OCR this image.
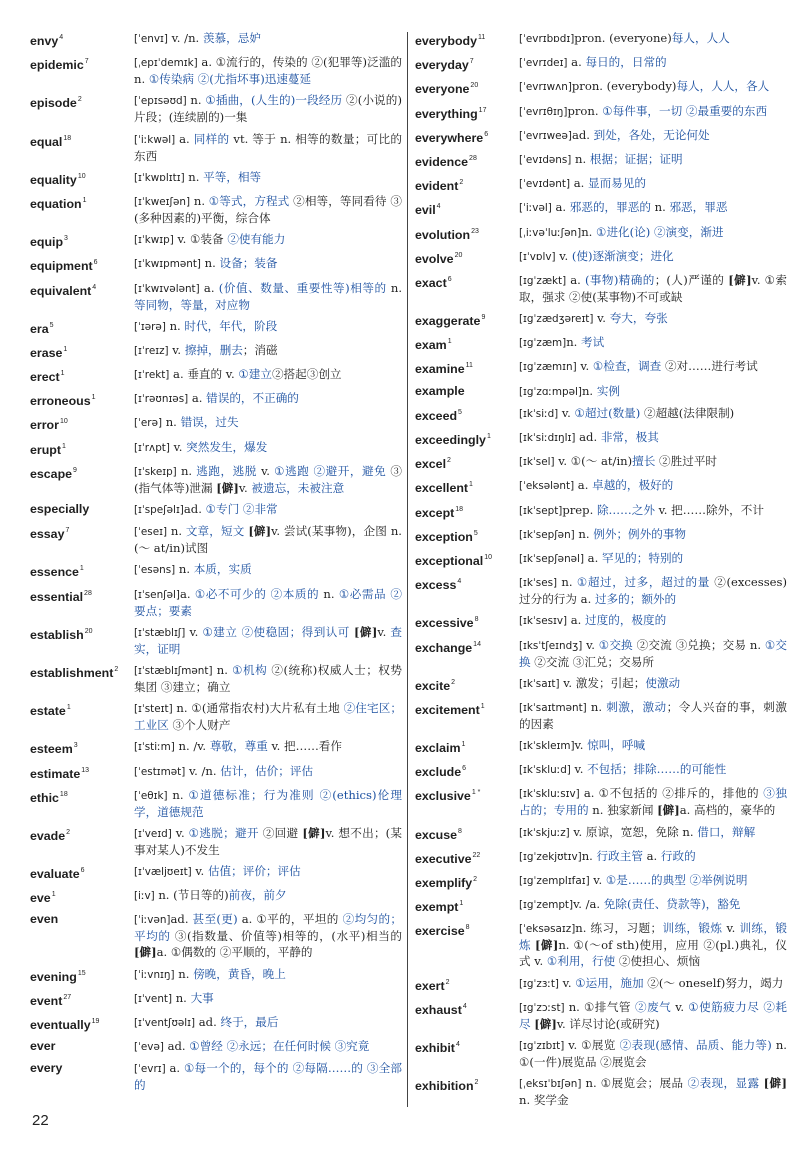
envy$^4$	[ˈenvɪ] v. /n. 羡慕，忌妒
epidemic$^7$	[ˌepɪˈdemɪk] a. ①流行的，传染的 ②(犯罪等)泛滥的 n. ①传染病 ②(尤指坏事)迅速蔓延
episode$^2$	[ˈepɪsəʊd] n. ①插曲，(人生的)一段经历 ②(小说的)片段；(连续剧的)一集
equal$^{18}$	[ˈiːkwəl] a. 同样的 vt. 等于 n. 相等的数量；可比的东西
equality$^{10}$	[ɪˈkwɒlɪtɪ] n. 平等，相等
equation$^1$	[ɪˈkweɪʃən] n. ①等式，方程式 ②相等，等同看待 ③(多种因素的)平衡，综合体
equip$^3$	[ɪˈkwɪp] v. ①装备 ②使有能力
equipment$^6$	[ɪˈkwɪpmənt] n. 设备；装备
equivalent$^4$	[ɪˈkwɪvələnt] a. (价值、数量、重要性等)相等的 n. 等同物，等量，对应物
era$^5$	[ˈɪərə] n. 时代，年代，阶段
erase$^1$	[ɪˈreɪz] v. 擦掉，删去；消磁
erect$^1$	[ɪˈrekt] a. 垂直的 v. ①建立②搭起③创立
erroneous$^1$	[ɪˈrəʊnɪəs] a. 错误的，不正确的
error$^{10}$	[ˈerə] n. 错误，过失
erupt$^1$	[ɪˈrʌpt] v. 突然发生，爆发
escape$^9$	[ɪˈskeɪp] n. 逃跑，逃脱 v. ①逃跑 ②避开，避免 ③(指气体等)泄漏 [僻]v. 被遗忘，未被注意
especially	[ɪˈspeʃəlɪ]ad. ①专门 ②非常
essay$^7$	[ˈeseɪ] n. 文章，短文 [僻]v. 尝试(某事物)，企图 n. (～ at/in)试图
essence$^1$	[ˈesəns] n. 本质，实质
essential$^{28}$	[ɪˈsenʃəl]a. ①必不可少的 ②本质的 n. ①必需品 ②要点；要素
establish$^{20}$	[ɪˈstæblɪʃ] v. ①建立 ②使稳固；得到认可 [僻]v. 查实，证明
establishment$^2$	[ɪˈstæblɪʃmənt] n. ①机构 ②(统称)权威人士；权势集团 ③建立；确立
estate$^1$	[ɪˈsteɪt] n. ①(通常指农村)大片私有土地 ②住宅区；工业区 ③个人财产
esteem$^3$	[ɪˈstiːm] n. /v. 尊敬，尊重 v. 把……看作
estimate$^{13}$	[ˈestɪmət] v. /n. 估计，估价；评估
ethic$^{18}$	[ˈeθɪk] n. ①道德标准；行为准则 ②(ethics)伦理学，道德规范
evade$^2$	[ɪˈveɪd] v. ①逃脱；避开 ②回避 [僻]v. 想不出；(某事对某人)不发生
evaluate$^6$	[ɪˈvæljʊeɪt] v. 估值；评价；评估
eve$^1$	[iːv] n. (节日等的)前夜，前夕
even	[ˈiːvən]ad. 甚至(更) a. ①平的，平坦的 ②均匀的；平均的 ③(指数量、价值等)相等的，(水平)相当的 [僻]a. ①偶数的 ②平顺的，平静的
evening$^{15}$	[ˈiːvnɪŋ] n. 傍晚，黄昏，晚上
event$^{27}$	[ɪˈvent] n. 大事
eventually$^{19}$	[ɪˈventʃʊəlɪ] ad. 终于，最后
ever	[ˈevə] ad. ①曾经 ②永远；在任何时候 ③究竟
every	[ˈevrɪ] a. ①每一个的，每个的 ②每隔……的 ③全部的
everybody$^{11}$	[ˈevrɪbɒdɪ]pron. (everyone)每人，人人
everyday$^7$	[ˈevrɪdeɪ] a. 每日的，日常的
everyone$^{20}$	[ˈevrɪwʌn]pron. (everybody)每人，人人，各人
everything$^{17}$	[ˈevrɪθɪŋ]pron. ①每件事，一切 ②最重要的东西
everywhere$^6$	[ˈevrɪweə]ad. 到处，各处，无论何处
evidence$^{28}$	[ˈevɪdəns] n. 根据；证据；证明
evident$^2$	[ˈevɪdənt] a. 显而易见的
evil$^4$	[ˈiːvəl] a. 邪恶的，罪恶的 n. 邪恶，罪恶
evolution$^{23}$	[ˌiːvəˈluːʃən]n. ①进化(论) ②演变，渐进
evolve$^{20}$	[ɪˈvɒlv] v. (使)逐渐演变；进化
exact$^6$	[ɪgˈzækt] a. (事物)精确的；(人)严谨的 [僻]v. ①索取，强求 ②使(某事物)不可或缺
exaggerate$^9$	[ɪgˈzædʒəreɪt] v. 夸大，夸张
exam$^1$	[ɪgˈzæm]n. 考试
examine$^{11}$	[ɪgˈzæmɪn] v. ①检查，调查 ②对……进行考试
example	[ɪgˈzɑːmpəl]n. 实例
exceed$^5$	[ɪkˈsiːd] v. ①超过(数量) ②超越(法律限制)
exceedingly$^1$	[ɪkˈsiːdɪŋlɪ] ad. 非常，极其
excel$^2$	[ɪkˈsel] v. ①(～ at/in)擅长 ②胜过平时
excellent$^1$	[ˈeksələnt] a. 卓越的，极好的
except$^{18}$	[ɪkˈsept]prep. 除……之外 v. 把……除外，不计
exception$^5$	[ɪkˈsepʃən] n. 例外；例外的事物
exceptional$^{10}$	[ɪkˈsepʃənəl] a. 罕见的；特别的
excess$^4$	[ɪkˈses] n. ①超过，过多，超过的量 ②(excesses)过分的行为 a. 过多的；额外的
excessive$^8$	[ɪkˈsesɪv] a. 过度的，极度的
exchange$^{14}$	[ɪksˈtʃeɪndʒ] v. ①交换 ②交流 ③兑换；交易 n. ①交换 ②交流 ③汇兑；交易所
excite$^2$	[ɪkˈsaɪt] v. 激发；引起；使激动
excitement$^1$	[ɪkˈsaɪtmənt] n. 刺激，激动；令人兴奋的事，刺激的因素
exclaim$^1$	[ɪkˈskleɪm]v. 惊叫，呼喊
exclude$^6$	[ɪkˈskluːd] v. 不包括；排除……的可能性
exclusive$^{1 *}$	[ɪkˈskluːsɪv] a. ①不包括的 ②排斥的，排他的 ③独占的；专用的 n. 独家新闻 [僻]a. 高档的，豪华的
excuse$^8$	[ɪkˈskjuːz] v. 原谅，宽恕，免除 n. 借口，辩解
executive$^{22}$	[ɪgˈzekjʊtɪv]n. 行政主管 a. 行政的
exemplify$^2$	[ɪgˈzemplɪfaɪ] v. ①是……的典型 ②举例说明
exempt$^1$	[ɪgˈzempt]v. /a. 免除(责任、贷款等)，豁免
exercise$^8$	[ˈeksəsaɪz]n. 练习，习题；训练，锻炼 v. 训练，锻炼 [僻]n. ①(～of sth)使用，应用 ②(pl.)典礼，仪式 v. ①利用，行使 ②使担心、烦恼
exert$^2$	[ɪgˈzɜːt] v. ①运用，施加 ②(～ oneself)努力，竭力
exhaust$^4$	[ɪgˈzɔːst] n. ①排气管 ②废气 v. ①使筋疲力尽 ②耗尽 [僻]v. 详尽讨论(或研究)
exhibit$^4$	[ɪgˈzɪbɪt] v. ①展览 ②表现(感情、品质、能力等) n. ①(一件)展览品 ②展览会
exhibition$^2$	[ˌeksɪˈbɪʃən] n. ①展览会；展品 ②表现，显露 [僻]n. 奖学金
22
